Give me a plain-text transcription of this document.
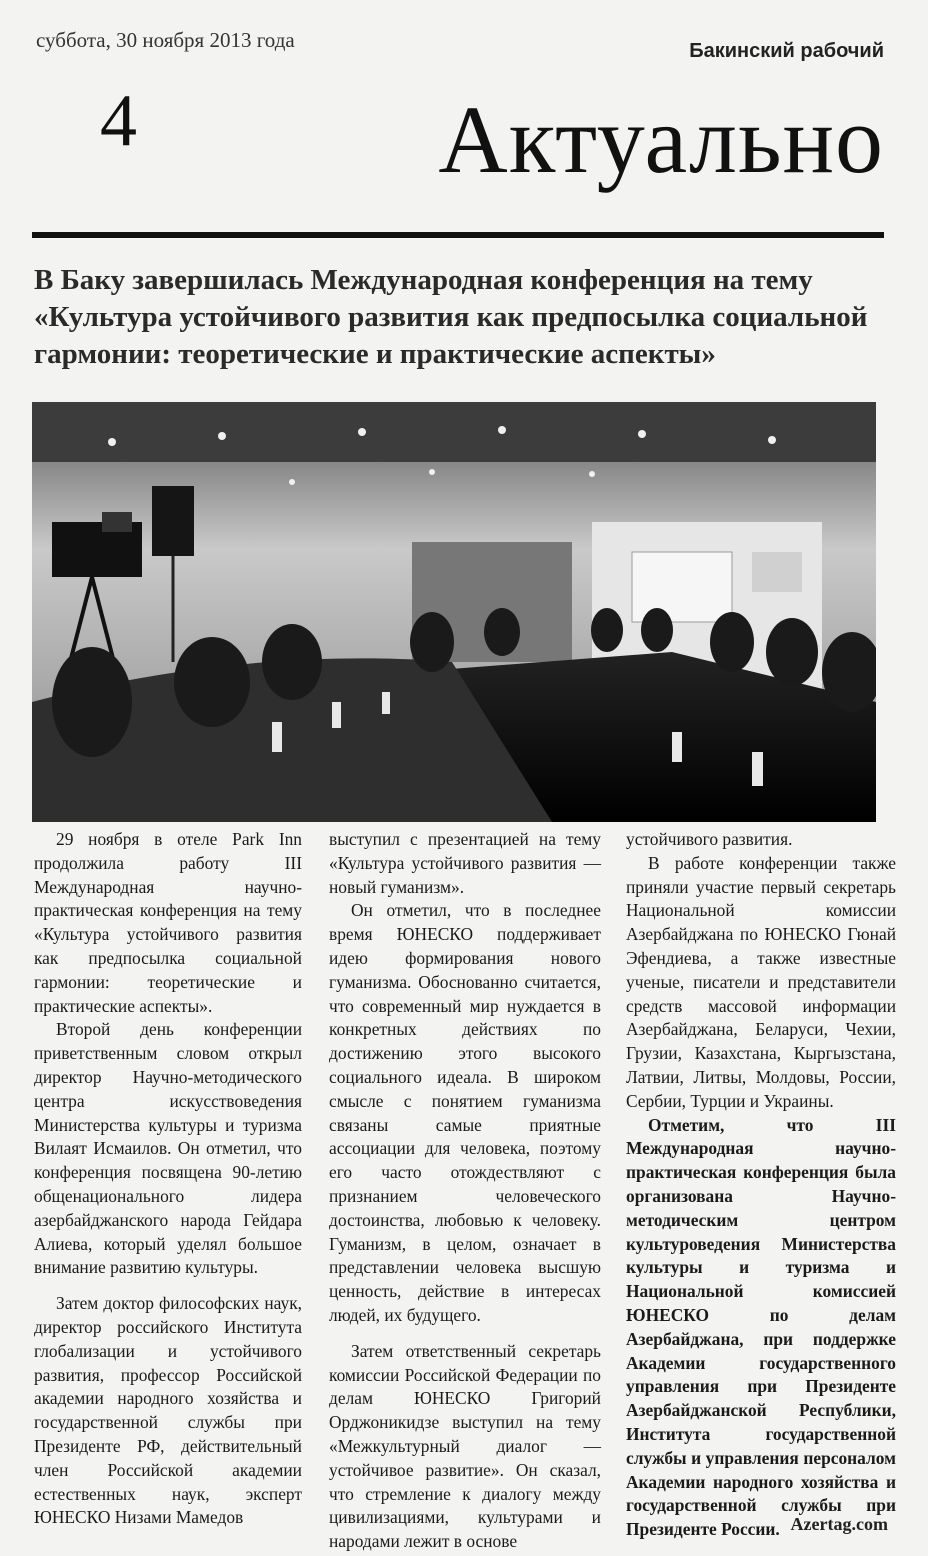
суббота, 30 ноября 2013 года	Бакинский рабочий
4	Актуально
В Баку завершилась Международная конференция на тему
«Культура устойчивого развития как предпосылка социальной
гармонии: теоретические и практические аспекты»

29 ноября в отеле Park Inn продолжила работу III Международная научно-практическая конференция на тему «Культура устойчивого развития как предпосылка социальной гармонии: теоретические и практические аспекты».

Второй день конференции приветственным словом открыл директор Научно-методического центра искусствоведения Министерства культуры и туризма Вилаят Исмаилов. Он отметил, что конференция посвящена 90-летию общенационального лидера азербайджанского народа Гейдара Алиева, который уделял большое внимание развитию культуры.

Затем доктор философских наук, директор российского Института глобализации и устойчивого развития, профессор Российской академии народного хозяйства и государственной службы при Президенте РФ, действительный член Российской академии естественных наук, эксперт ЮНЕСКО Низами Мамедов

выступил с презентацией на тему «Культура устойчивого развития — новый гуманизм».

Он отметил, что в последнее время ЮНЕСКО поддерживает идею формирования нового гуманизма. Обоснованно считается, что современный мир нуждается в конкретных действиях по достижению этого высокого социального идеала. В широком смысле с понятием гуманизма связаны самые приятные ассоциации для человека, поэтому его часто отождествляют с признанием человеческого достоинства, любовью к человеку. Гуманизм, в целом, означает в представлении человека высшую ценность, действие в интересах людей, их будущего.

Затем ответственный секретарь комиссии Российской Федерации по делам ЮНЕСКО Григорий Орджоникидзе выступил на тему «Межкультурный диалог — устойчивое развитие». Он сказал, что стремление к диалогу между цивилизациями, культурами и народами лежит в основе

устойчивого развития.

В работе конференции также приняли участие первый секретарь Национальной комиссии Азербайджана по ЮНЕСКО Гюнай Эфендиева, а также известные ученые, писатели и представители средств массовой информации Азербайджана, Беларуси, Чехии, Грузии, Казахстана, Кыргызстана, Латвии, Литвы, Молдовы, России, Сербии, Турции и Украины.

Отметим, что III Международная научно-практическая конференция была организована Научно-методическим центром культуроведения Министерства культуры и туризма и Национальной комиссией ЮНЕСКО по делам Азербайджана, при поддержке Академии государственного управления при Президенте Азербайджанской Республики, Института государственной службы и управления персоналом Академии народного хозяйства и государственной службы при Президенте России. Azertag.com
